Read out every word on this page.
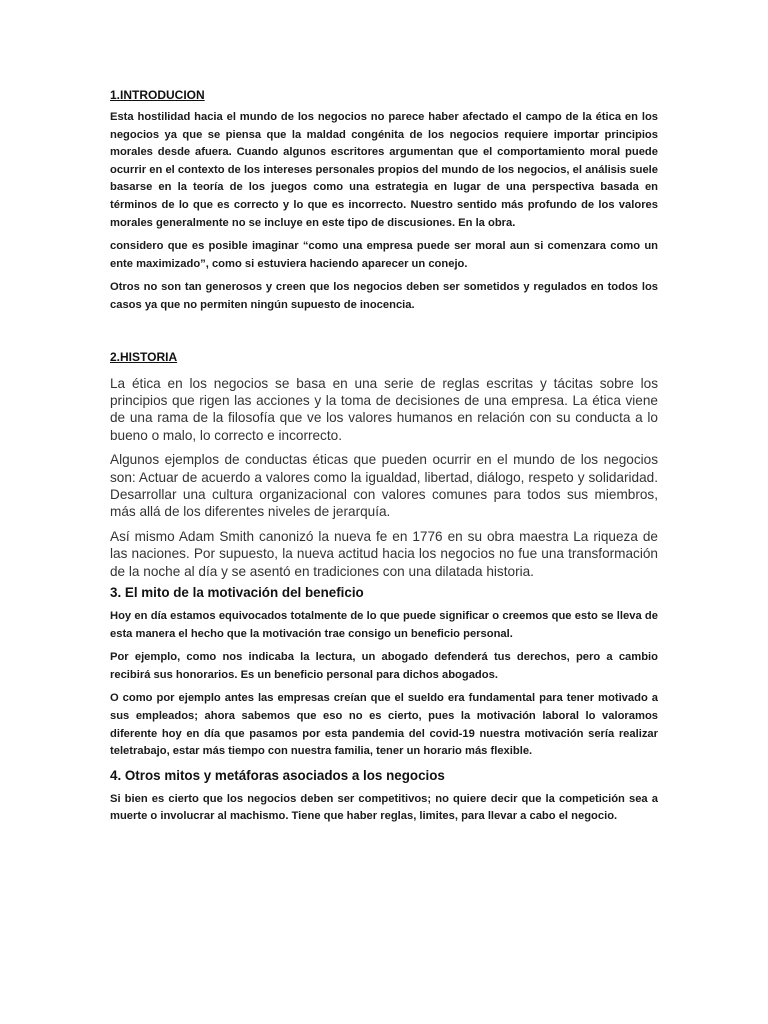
1.INTRODUCION

Esta hostilidad hacia el mundo de los negocios no parece haber afectado el campo de la ética en los negocios ya que se piensa que la maldad congénita de los negocios requiere importar principios morales desde afuera. Cuando algunos escritores argumentan que el comportamiento moral puede ocurrir en el contexto de los intereses personales propios del mundo de los negocios, el análisis suele basarse en la teoría de los juegos como una estrategia en lugar de una perspectiva basada en términos de lo que es correcto y lo que es incorrecto. Nuestro sentido más profundo de los valores morales generalmente no se incluye en este tipo de discusiones. En la obra.

considero que es posible imaginar “como una empresa puede ser moral aun si comenzara como un ente maximizado”, como si estuviera haciendo aparecer un conejo.

Otros no son tan generosos y creen que los negocios deben ser sometidos y regulados en todos los casos ya que no permiten ningún supuesto de inocencia.

2.HISTORIA

La ética en los negocios se basa en una serie de reglas escritas y tácitas sobre los principios que rigen las acciones y la toma de decisiones de una empresa. La ética viene de una rama de la filosofía que ve los valores humanos en relación con su conducta a lo bueno o malo, lo correcto e incorrecto.

Algunos ejemplos de conductas éticas que pueden ocurrir en el mundo de los negocios son: Actuar de acuerdo a valores como la igualdad, libertad, diálogo, respeto y solidaridad. Desarrollar una cultura organizacional con valores comunes para todos sus miembros, más allá de los diferentes niveles de jerarquía.

Así mismo Adam Smith canonizó la nueva fe en 1776 en su obra maestra La riqueza de las naciones. Por supuesto, la nueva actitud hacia los negocios no fue una transformación de la noche al día y se asentó en tradiciones con una dilatada historia.

3. El mito de la motivación del beneficio

Hoy en día estamos equivocados totalmente de lo que puede significar o creemos que esto se lleva de esta manera el hecho que la motivación trae consigo un beneficio personal.

Por ejemplo, como nos indicaba la lectura, un abogado defenderá tus derechos, pero a cambio recibirá sus honorarios. Es un beneficio personal para dichos abogados.

O como por ejemplo antes las empresas creían que el sueldo era fundamental para tener motivado a sus empleados; ahora sabemos que eso no es cierto, pues la motivación laboral lo valoramos diferente hoy en día que pasamos por esta pandemia del covid-19 nuestra motivación sería realizar teletrabajo, estar más tiempo con nuestra familia, tener un horario más flexible.

4. Otros mitos y metáforas asociados a los negocios

Si bien es cierto que los negocios deben ser competitivos; no quiere decir que la competición sea a muerte o involucrar al machismo. Tiene que haber reglas, limites, para llevar a cabo el negocio.
